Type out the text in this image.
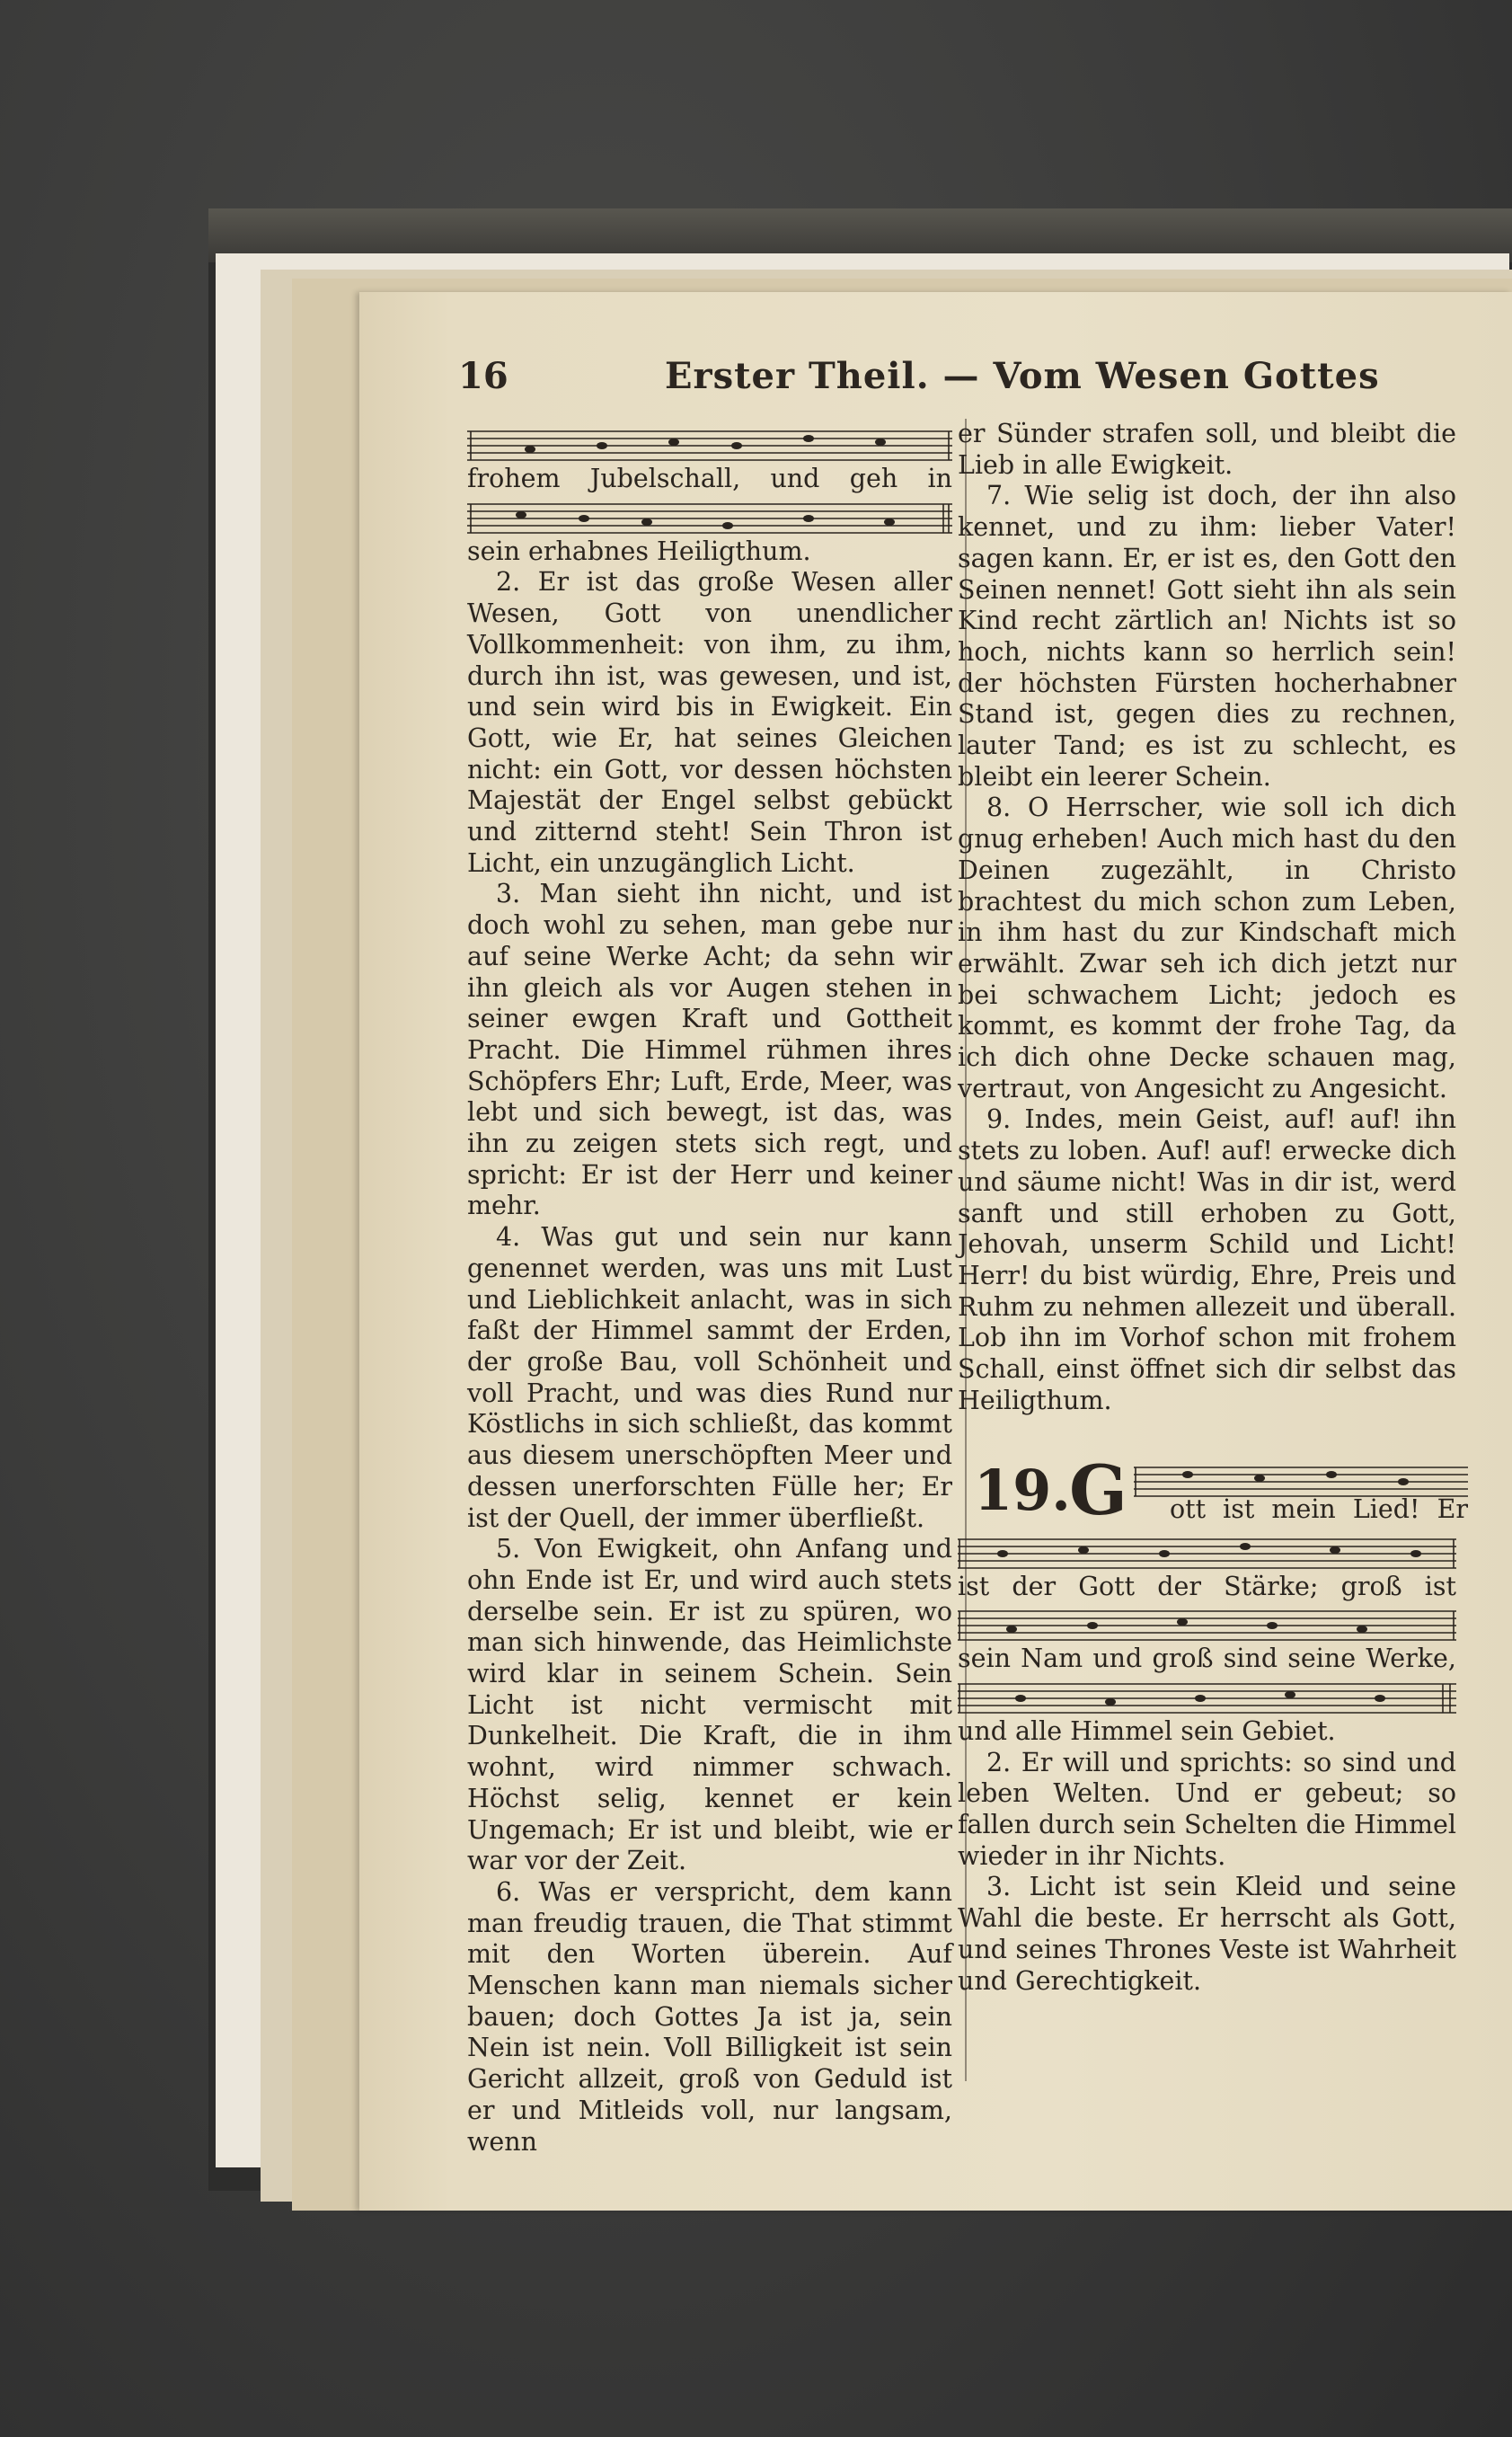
16	Erster Theil. — Vom Wesen Gottes
frohem Jubelschall, und geh in
sein erhabnes Heiligthum.

2. Er ist das große Wesen aller Wesen, Gott von unendlicher Vollkommenheit: von ihm, zu ihm, durch ihn ist, was gewesen, und ist, und sein wird bis in Ewigkeit. Ein Gott, wie Er, hat seines Gleichen nicht: ein Gott, vor dessen höchsten Majestät der Engel selbst gebückt und zitternd steht! Sein Thron ist Licht, ein unzugänglich Licht.

3. Man sieht ihn nicht, und ist doch wohl zu sehen, man gebe nur auf seine Werke Acht; da sehn wir ihn gleich als vor Augen stehen in seiner ewgen Kraft und Gottheit Pracht. Die Himmel rühmen ihres Schöpfers Ehr; Luft, Erde, Meer, was lebt und sich bewegt, ist das, was ihn zu zeigen stets sich regt, und spricht: Er ist der Herr und keiner mehr.

4. Was gut und sein nur kann genennet werden, was uns mit Lust und Lieblichkeit anlacht, was in sich faßt der Himmel sammt der Erden, der große Bau, voll Schönheit und voll Pracht, und was dies Rund nur Köstlichs in sich schließt, das kommt aus diesem unerschöpften Meer und dessen unerforschten Fülle her; Er ist der Quell, der immer überfließt.

5. Von Ewigkeit, ohn Anfang und ohn Ende ist Er, und wird auch stets derselbe sein. Er ist zu spüren, wo man sich hinwende, das Heimlichste wird klar in seinem Schein. Sein Licht ist nicht vermischt mit Dunkelheit. Die Kraft, die in ihm wohnt, wird nimmer schwach. Höchst selig, kennet er kein Ungemach; Er ist und bleibt, wie er war vor der Zeit.

6. Was er verspricht, dem kann man freudig trauen, die That stimmt mit den Worten überein. Auf Menschen kann man niemals sicher bauen; doch Gottes Ja ist ja, sein Nein ist nein. Voll Billigkeit ist sein Gericht allzeit, groß von Geduld ist er und Mitleids voll, nur langsam, wenn

er Sünder strafen soll, und bleibt die Lieb in alle Ewigkeit.

7. Wie selig ist doch, der ihn also kennet, und zu ihm: lieber Vater! sagen kann. Er, er ist es, den Gott den Seinen nennet! Gott sieht ihn als sein Kind recht zärtlich an! Nichts ist so hoch, nichts kann so herrlich sein! der höchsten Fürsten hocherhabner Stand ist, gegen dies zu rechnen, lauter Tand; es ist zu schlecht, es bleibt ein leerer Schein.

8. O Herrscher, wie soll ich dich gnug erheben! Auch mich hast du den Deinen zugezählt, in Christo brachtest du mich schon zum Leben, in ihm hast du zur Kindschaft mich erwählt. Zwar seh ich dich jetzt nur bei schwachem Licht; jedoch es kommt, es kommt der frohe Tag, da ich dich ohne Decke schauen mag, vertraut, von Angesicht zu Angesicht.

9. Indes, mein Geist, auf! auf! ihn stets zu loben. Auf! auf! erwecke dich und säume nicht! Was in dir ist, werd sanft und still erhoben zu Gott, Jehovah, unserm Schild und Licht! Herr! du bist würdig, Ehre, Preis und Ruhm zu nehmen allezeit und überall. Lob ihn im Vorhof schon mit frohem Schall, einst öffnet sich dir selbst das Heiligthum.

19.
G ott ist mein Lied! Er
ist der Gott der Stärke; groß ist
sein Nam und groß sind seine Werke,
und alle Himmel sein Gebiet.

2. Er will und sprichts: so sind und leben Welten. Und er gebeut; so fallen durch sein Schelten die Himmel wieder in ihr Nichts.

3. Licht ist sein Kleid und seine Wahl die beste. Er herrscht als Gott, und seines Thrones Veste ist Wahrheit und Gerechtigkeit.
